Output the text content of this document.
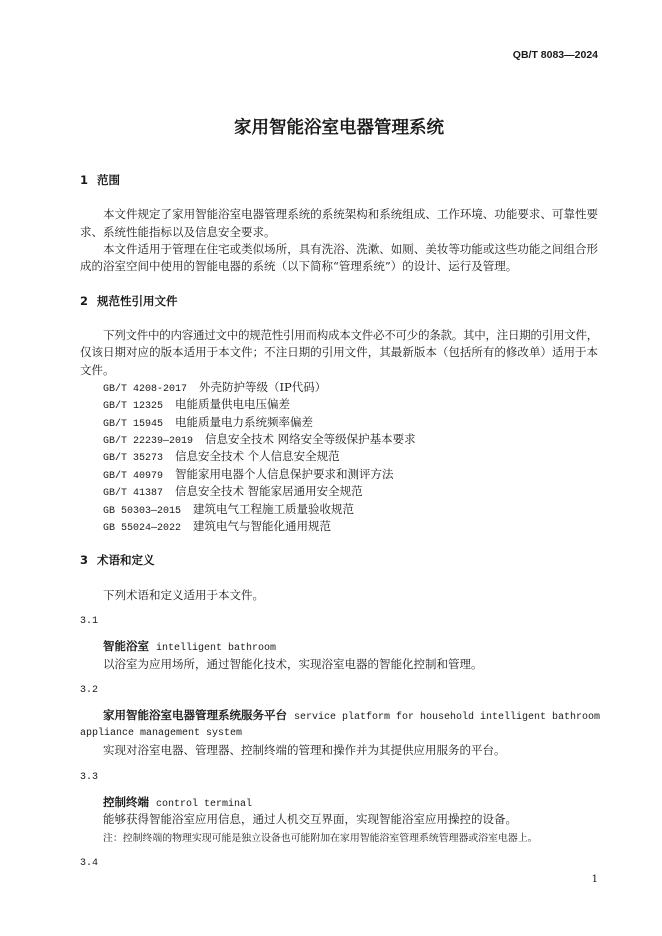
QB/T 8083—2024
家用智能浴室电器管理系统
1 范围
本文件规定了家用智能浴室电器管理系统的系统架构和系统组成、工作环境、功能要求、可靠性要
求、系统性能指标以及信息安全要求。
本文件适用于管理在住宅或类似场所，具有洗浴、洗漱、如厕、美妆等功能或这些功能之间组合形
成的浴室空间中使用的智能电器的系统（以下简称“管理系统”）的设计、运行及管理。
2 规范性引用文件
下列文件中的内容通过文中的规范性引用而构成本文件必不可少的条款。其中，注日期的引用文件，
仅该日期对应的版本适用于本文件；不注日期的引用文件，其最新版本（包括所有的修改单）适用于本
文件。
GB/T 4208-2017 外壳防护等级（IP代码）
GB/T 12325 电能质量供电电压偏差
GB/T 15945 电能质量电力系统频率偏差
GB/T 22239—2019 信息安全技术 网络安全等级保护基本要求
GB/T 35273 信息安全技术 个人信息安全规范
GB/T 40979 智能家用电器个人信息保护要求和测评方法
GB/T 41387 信息安全技术 智能家居通用安全规范
GB 50303—2015 建筑电气工程施工质量验收规范
GB 55024—2022 建筑电气与智能化通用规范
3 术语和定义
下列术语和定义适用于本文件。
3.1
智能浴室 intelligent bathroom
以浴室为应用场所，通过智能化技术，实现浴室电器的智能化控制和管理。
3.2
家用智能浴室电器管理系统服务平台 service platform for household intelligent bathroom
appliance management system
实现对浴室电器、管理器、控制终端的管理和操作并为其提供应用服务的平台。
3.3
控制终端 control terminal
能够获得智能浴室应用信息，通过人机交互界面，实现智能浴室应用操控的设备。
注：控制终端的物理实现可能是独立设备也可能附加在家用智能浴室管理系统管理器或浴室电器上。
3.4
1
